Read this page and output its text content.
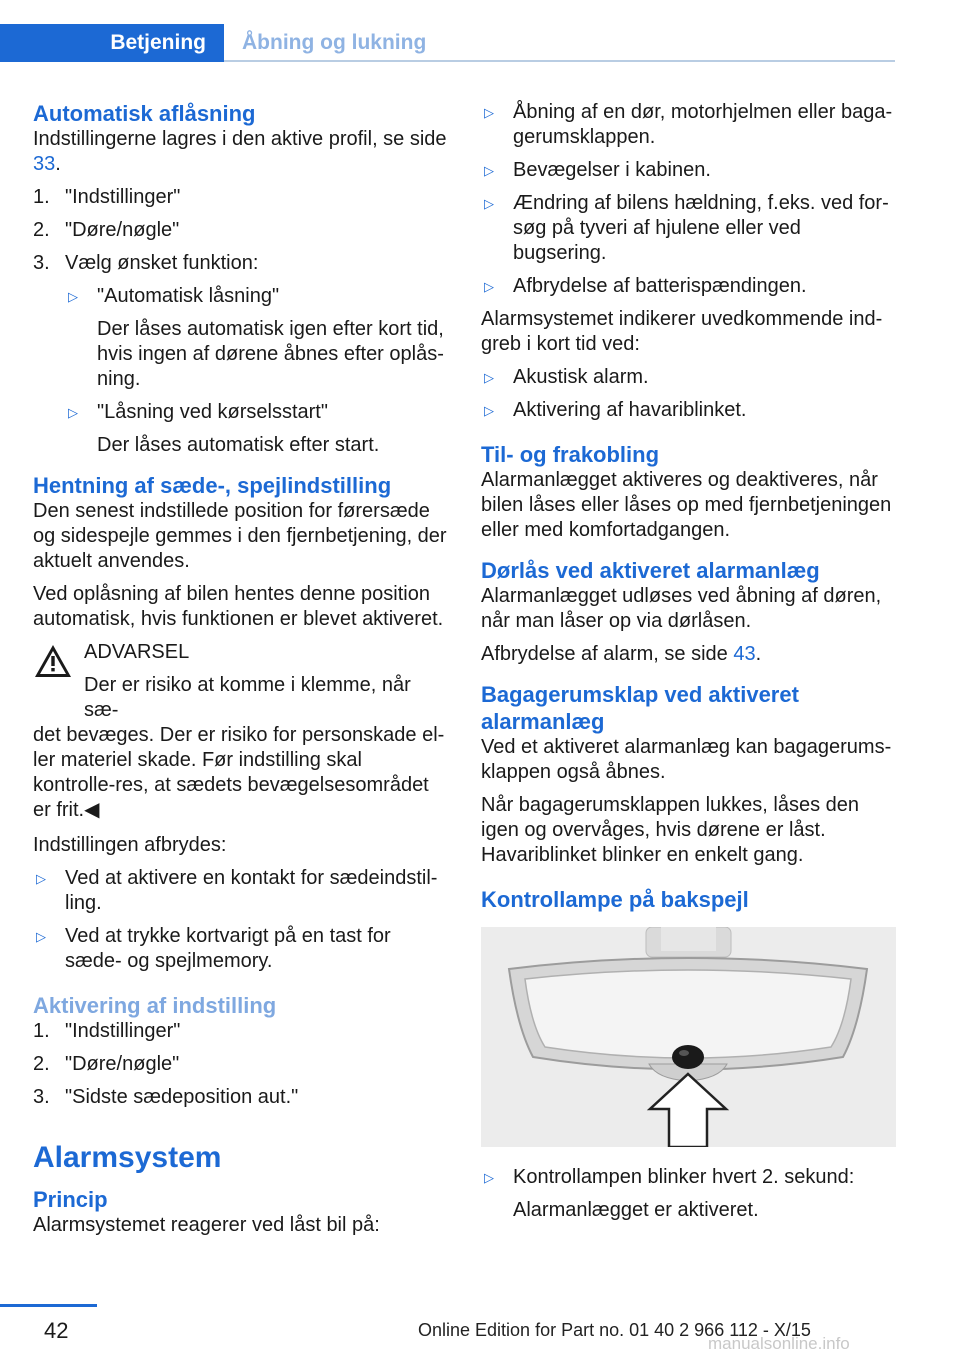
Betjening	Åbning og lukning
Automatisk aflåsning
Indstillingerne lagres i den aktive profil, se side 33.
1. "Indstillinger"
2. "Døre/nøgle"
3. Vælg ønsket funktion:
▷ "Automatisk låsning"
Der låses automatisk igen efter kort tid, hvis ingen af dørene åbnes efter oplås-ning.
▷ "Låsning ved kørselsstart"
Der låses automatisk efter start.
Hentning af sæde-, spejlindstilling
Den senest indstillede position for førersæde og sidespejle gemmes i den fjernbetjening, der aktuelt anvendes.
Ved oplåsning af bilen hentes denne position automatisk, hvis funktionen er blevet aktiveret.
ADVARSEL
Der er risiko at komme i klemme, når sæ-
det bevæges. Der er risiko for personskade el-ler materiel skade. Før indstilling skal kontrolle-res, at sædets bevægelsesområdet er frit.◀
Indstillingen afbrydes:
▷ Ved at aktivere en kontakt for sædeindstil-ling.
▷ Ved at trykke kortvarigt på en tast for sæde- og spejlmemory.
Aktivering af indstilling
1. "Indstillinger"
2. "Døre/nøgle"
3. "Sidste sædeposition aut."
Alarmsystem
Princip
Alarmsystemet reagerer ved låst bil på:
▷ Åbning af en dør, motorhjelmen eller baga-gerumsklappen.
▷ Bevægelser i kabinen.
▷ Ændring af bilens hældning, f.eks. ved for-søg på tyveri af hjulene eller ved bugsering.
▷ Afbrydelse af batterispændingen.
Alarmsystemet indikerer uvedkommende ind-greb i kort tid ved:
▷ Akustisk alarm.
▷ Aktivering af havariblinket.
Til- og frakobling
Alarmanlægget aktiveres og deaktiveres, når bilen låses eller låses op med fjernbetjeningen eller med komfortadgangen.
Dørlås ved aktiveret alarmanlæg
Alarmanlægget udløses ved åbning af døren, når man låser op via dørlåsen.
Afbrydelse af alarm, se side 43.
Bagagerumsklap ved aktiveret alarmanlæg
Ved et aktiveret alarmanlæg kan bagagerums-klappen også åbnes.
Når bagagerumsklappen lukkes, låses den igen og overvåges, hvis dørene er låst. Havariblinket blinker en enkelt gang.
Kontrollampe på bakspejl
▷ Kontrollampen blinker hvert 2. sekund:
Alarmanlægget er aktiveret.
42	Online Edition for Part no. 01 40 2 966 112 - X/15
manualsonline.info
